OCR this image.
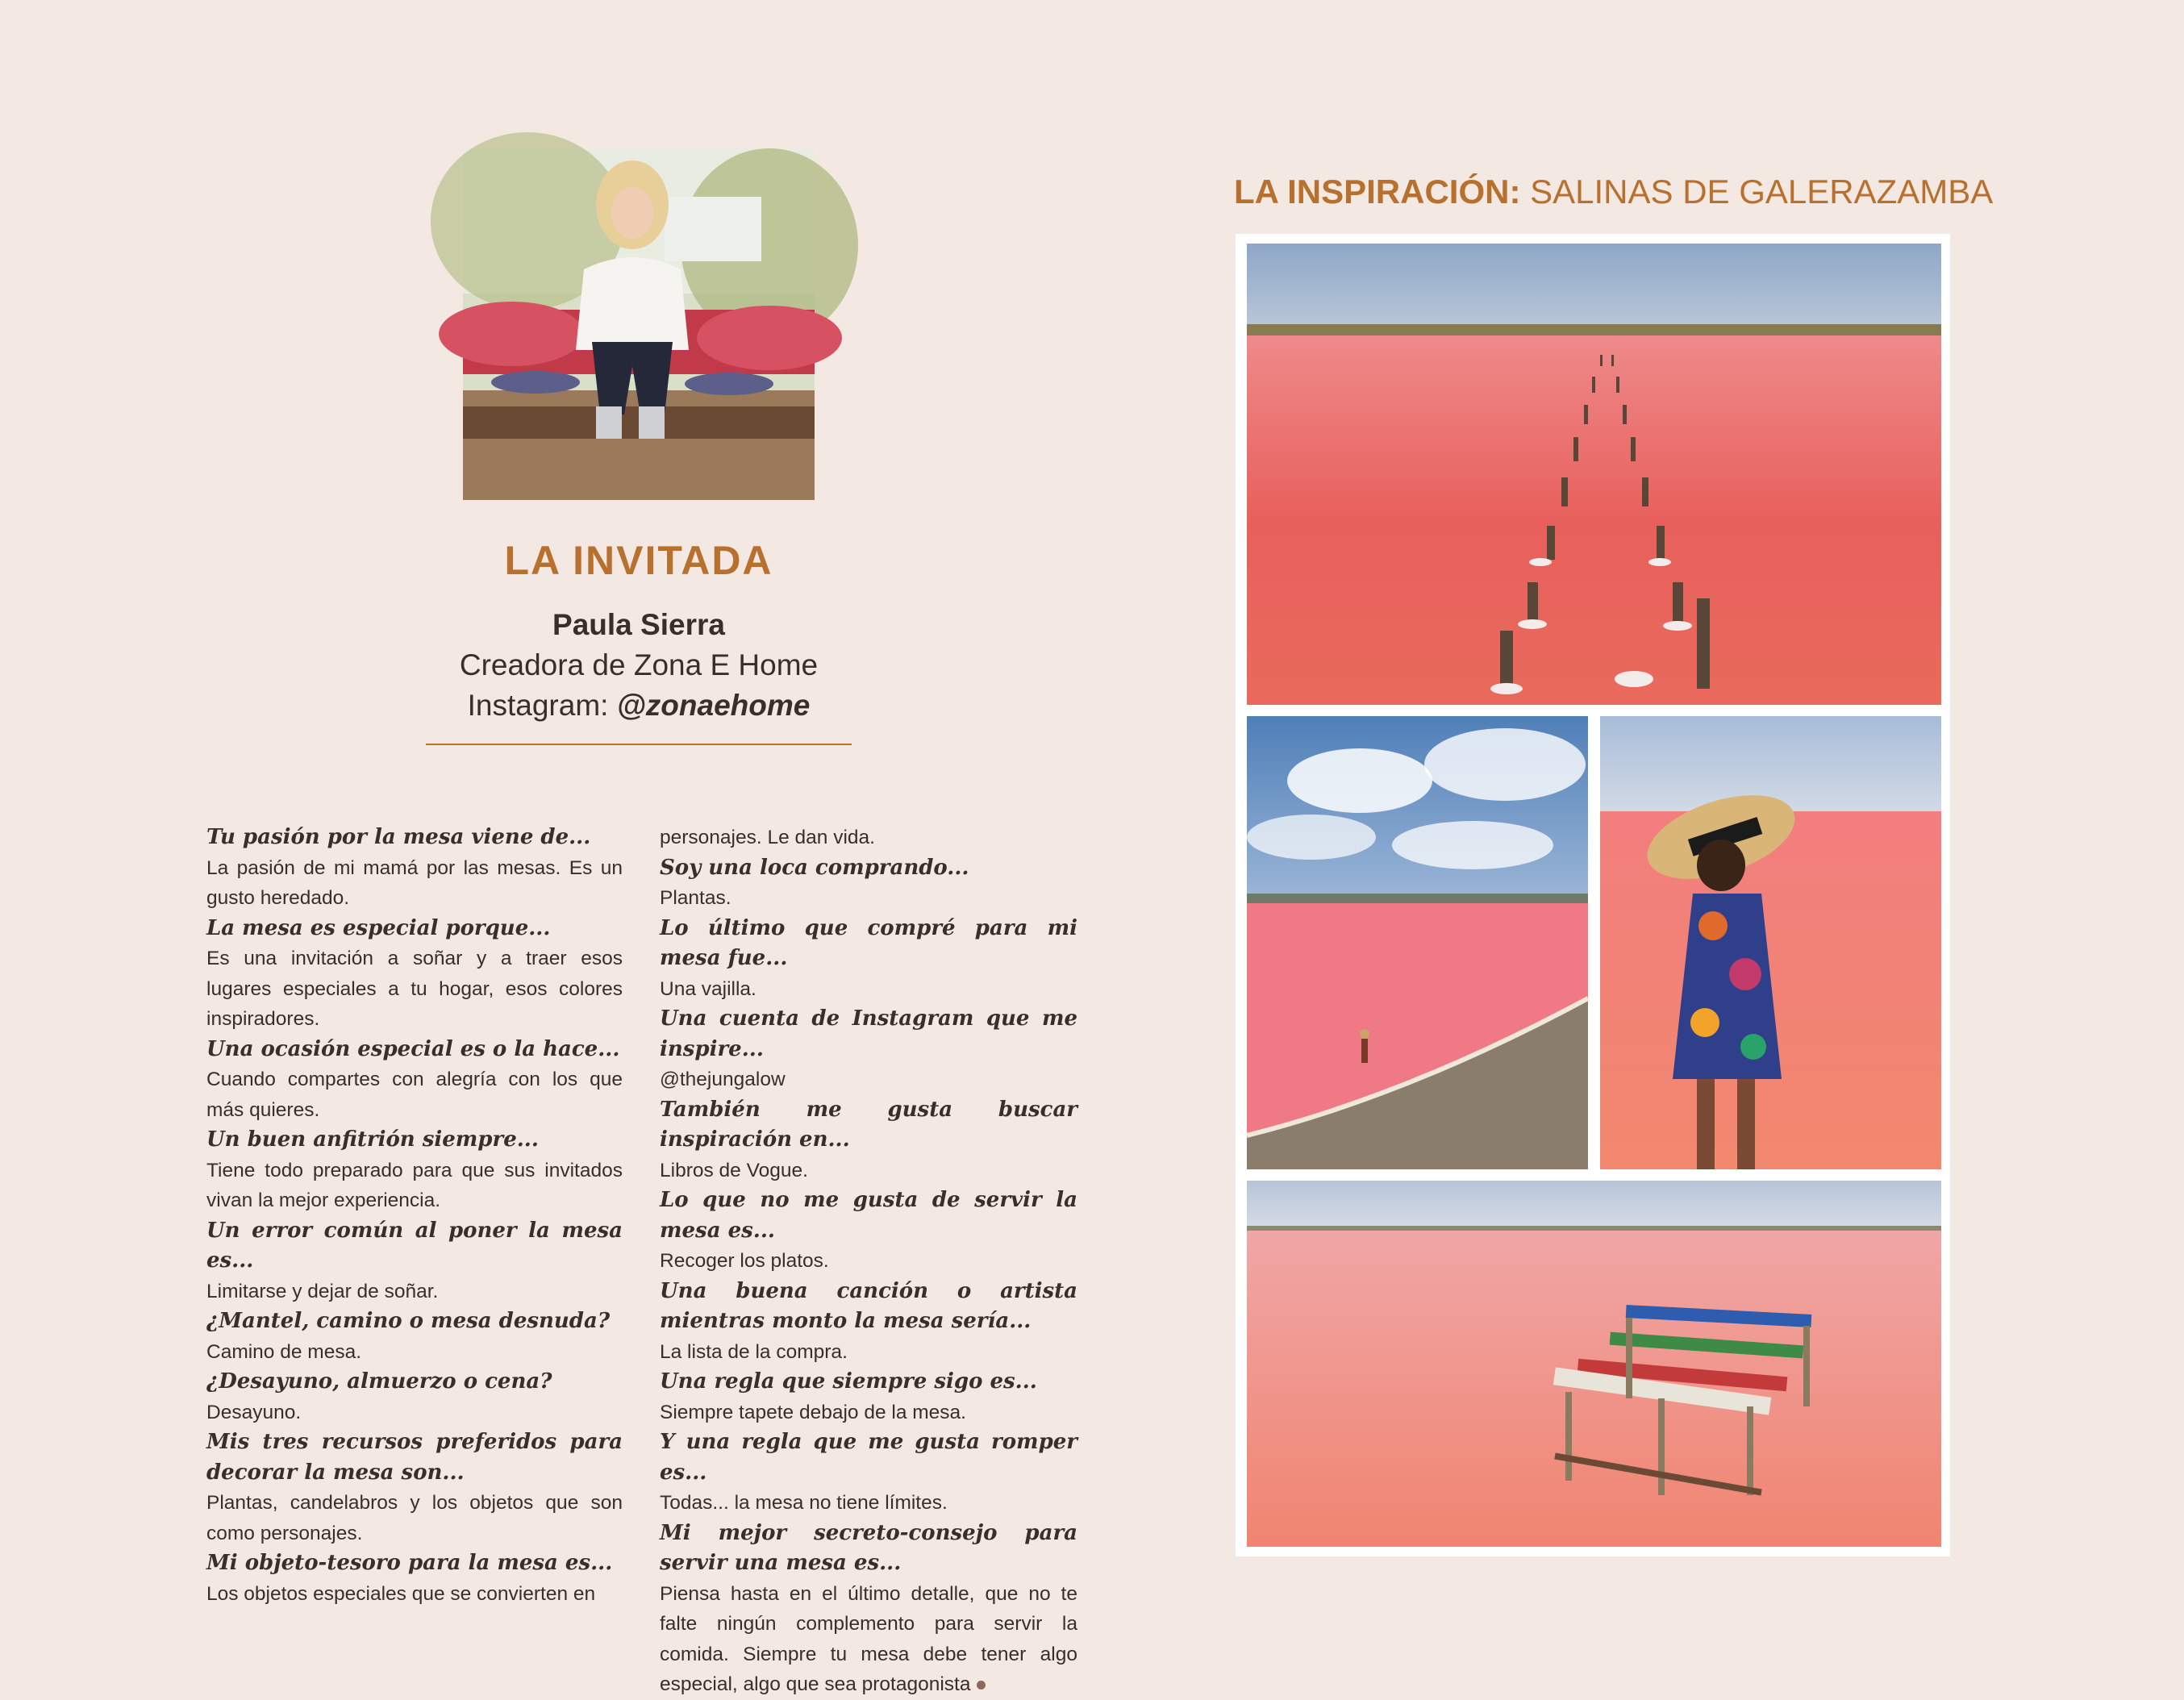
LA INVITADA
Paula Sierra
Creadora de Zona E Home
Instagram: @zonaehome
Tu pasión por la mesa viene de...
La pasión de mi mamá por las mesas. Es un gusto heredado.
La mesa es especial porque...
Es una invitación a soñar y a traer esos lugares especiales a tu hogar, esos colores inspiradores.
Una ocasión especial es o la hace...
Cuando compartes con alegría con los que más quieres.
Un buen anfitrión siempre...
Tiene todo preparado para que sus invitados vivan la mejor experiencia.
Un error común al poner la mesa es...
Limitarse y dejar de soñar.
¿Mantel, camino o mesa desnuda?
Camino de mesa.
¿Desayuno, almuerzo o cena?
Desayuno.
Mis tres recursos preferidos para decorar la mesa son...
Plantas, candelabros y los objetos que son como personajes.
Mi objeto-tesoro para la mesa es...
Los objetos especiales que se convierten en
personajes. Le dan vida.
Soy una loca comprando...
Plantas.
Lo último que compré para mi mesa fue...
Una vajilla.
Una cuenta de Instagram que me inspire...
@thejungalow
También me gusta buscar inspiración en...
Libros de Vogue.
Lo que no me gusta de servir la mesa es...
Recoger los platos.
Una buena canción o artista mientras monto la mesa sería...
La lista de la compra.
Una regla que siempre sigo es...
Siempre tapete debajo de la mesa.
Y una regla que me gusta romper es...
Todas... la mesa no tiene límites.
Mi mejor secreto-consejo para servir una mesa es...
Piensa hasta en el último detalle, que no te falte ningún complemento para servir la comida. Siempre tu mesa debe tener algo especial, algo que sea protagonista
LA INSPIRACIÓN: SALINAS DE GALERAZAMBA
